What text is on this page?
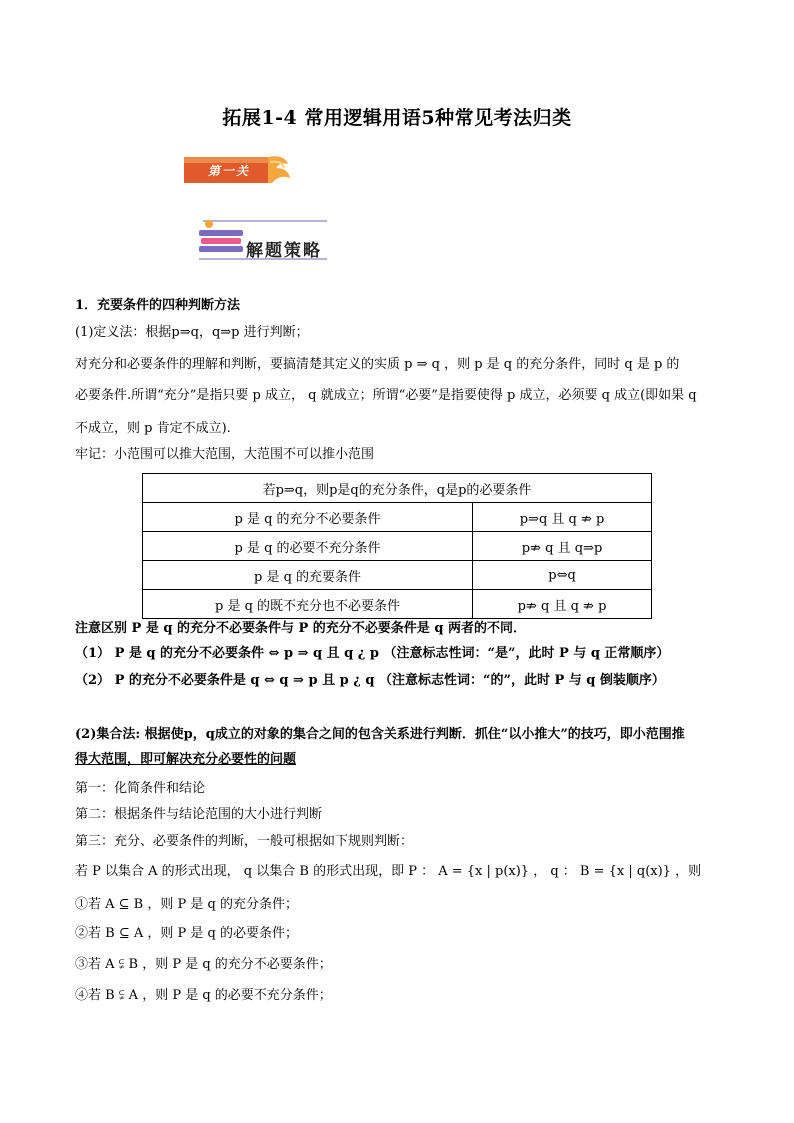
拓展1-4 常用逻辑用语5种常见考法归类
第一关
解题策略
1．充要条件的四种判断方法
(1)定义法：根据p⇒q，q⇒p 进行判断；
对充分和必要条件的理解和判断，要搞清楚其定义的实质 p ⇒ q ，则 p 是 q 的充分条件，同时 q 是 p 的
必要条件.所谓“充分”是指只要 p 成立， q 就成立；所谓“必要”是指要使得 p 成立，必须要 q 成立(即如果 q
不成立，则 p 肯定不成立).
牢记：小范围可以推大范围，大范围不可以推小范围
若p⇒q，则p是q的充分条件，q是p的必要条件	
p 是 q 的充分不必要条件	p⇒q 且 q ⇏ p
p 是 q 的必要不充分条件	p⇏ q 且 q⇒p
p 是 q 的充要条件	p⇔q
p 是 q 的既不充分也不必要条件	p⇏ q 且 q ⇏ p
注意区别 P 是 q 的充分不必要条件与 P 的充分不必要条件是 q 两者的不同．
（1） P 是 q 的充分不必要条件 ⇔ p ⇒ q 且 q ¿ p （注意标志性词：“是”，此时 P 与 q 正常顺序）
（2） P 的充分不必要条件是 q ⇔ q ⇒ p 且 p ¿ q （注意标志性词：“的”，此时 P 与 q 倒装顺序）
(2)集合法: 根据使p，q成立的对象的集合之间的包含关系进行判断．抓住“以小推大”的技巧，即小范围推
得大范围，即可解决充分必要性的问题
第一：化简条件和结论
第二：根据条件与结论范围的大小进行判断
第三：充分、必要条件的判断，一般可根据如下规则判断：
若 P 以集合 A 的形式出现， q 以集合 B 的形式出现，即 P ： A = {x | p(x)} ， q ： B = {x | q(x)} ，则
①若 A ⊆ B ，则 P 是 q 的充分条件；
②若 B ⊆ A ，则 P 是 q 的必要条件；
③若 A ⫋ B ，则 P 是 q 的充分不必要条件；
④若 B ⫋ A ，则 P 是 q 的必要不充分条件；
